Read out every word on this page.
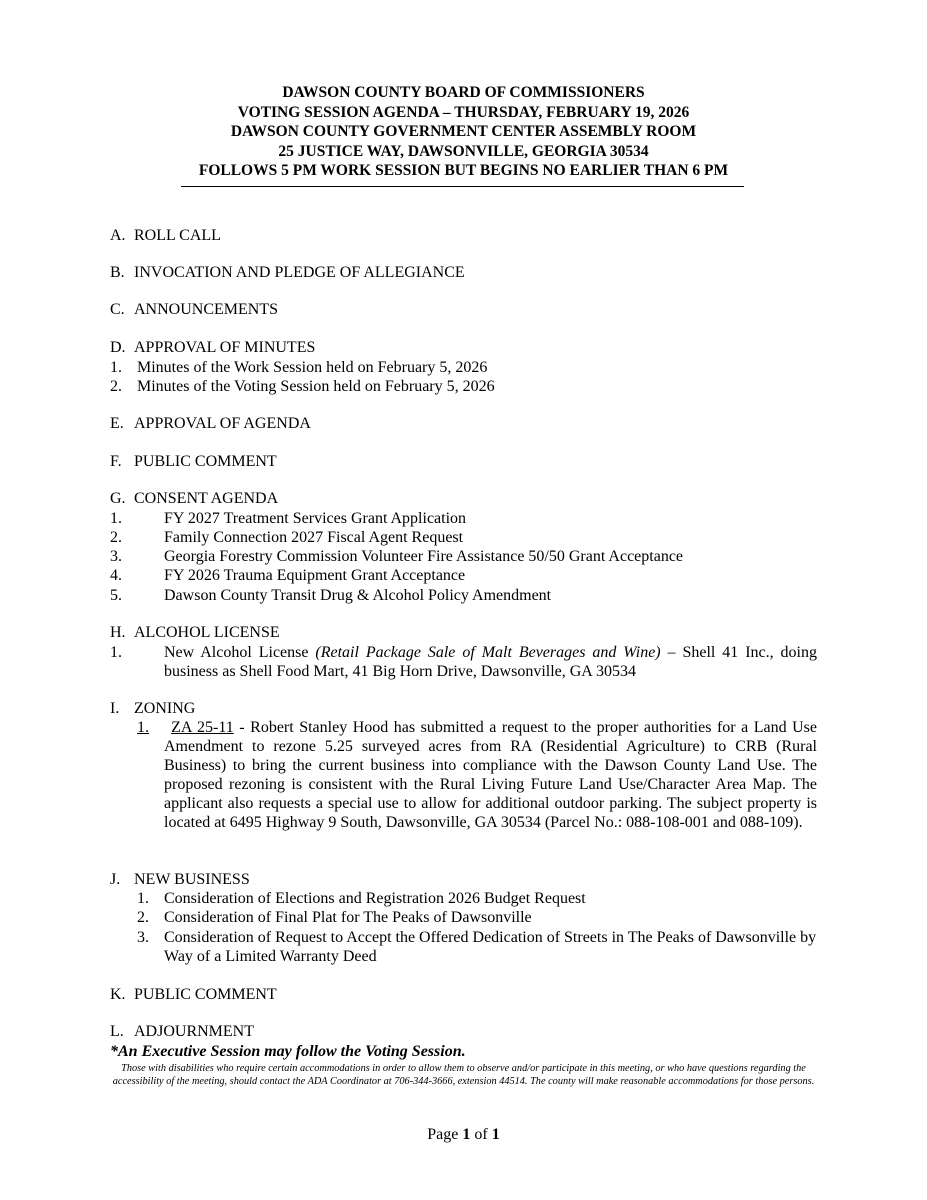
DAWSON COUNTY BOARD OF COMMISSIONERS
VOTING SESSION AGENDA – THURSDAY, FEBRUARY 19, 2026
DAWSON COUNTY GOVERNMENT CENTER ASSEMBLY ROOM
25 JUSTICE WAY, DAWSONVILLE, GEORGIA 30534
FOLLOWS 5 PM WORK SESSION BUT BEGINS NO EARLIER THAN 6 PM
A. ROLL CALL
B. INVOCATION AND PLEDGE OF ALLEGIANCE
C. ANNOUNCEMENTS
D. APPROVAL OF MINUTES
1. Minutes of the Work Session held on February 5, 2026
2. Minutes of the Voting Session held on February 5, 2026
E. APPROVAL OF AGENDA
F. PUBLIC COMMENT
G. CONSENT AGENDA
1.	FY 2027 Treatment Services Grant Application
2.	Family Connection 2027 Fiscal Agent Request
3.	Georgia Forestry Commission Volunteer Fire Assistance 50/50 Grant Acceptance
4.	FY 2026 Trauma Equipment Grant Acceptance
5.	Dawson County Transit Drug & Alcohol Policy Amendment
H. ALCOHOL LICENSE
1.	New Alcohol License (Retail Package Sale of Malt Beverages and Wine) – Shell 41 Inc., doing business as Shell Food Mart, 41 Big Horn Drive, Dawsonville, GA 30534
I. ZONING
1. ZA 25-11 - Robert Stanley Hood has submitted a request to the proper authorities for a Land Use Amendment to rezone 5.25 surveyed acres from RA (Residential Agriculture) to CRB (Rural Business) to bring the current business into compliance with the Dawson County Land Use. The proposed rezoning is consistent with the Rural Living Future Land Use/Character Area Map. The applicant also requests a special use to allow for additional outdoor parking. The subject property is located at 6495 Highway 9 South, Dawsonville, GA 30534 (Parcel No.: 088-108-001 and 088-109).
J. NEW BUSINESS
1. Consideration of Elections and Registration 2026 Budget Request
2. Consideration of Final Plat for The Peaks of Dawsonville
3. Consideration of Request to Accept the Offered Dedication of Streets in The Peaks of Dawsonville by Way of a Limited Warranty Deed
K. PUBLIC COMMENT
L. ADJOURNMENT
*An Executive Session may follow the Voting Session.
Those with disabilities who require certain accommodations in order to allow them to observe and/or participate in this meeting, or who have questions regarding the accessibility of the meeting, should contact the ADA Coordinator at 706-344-3666, extension 44514. The county will make reasonable accommodations for those persons.
Page 1 of 1
